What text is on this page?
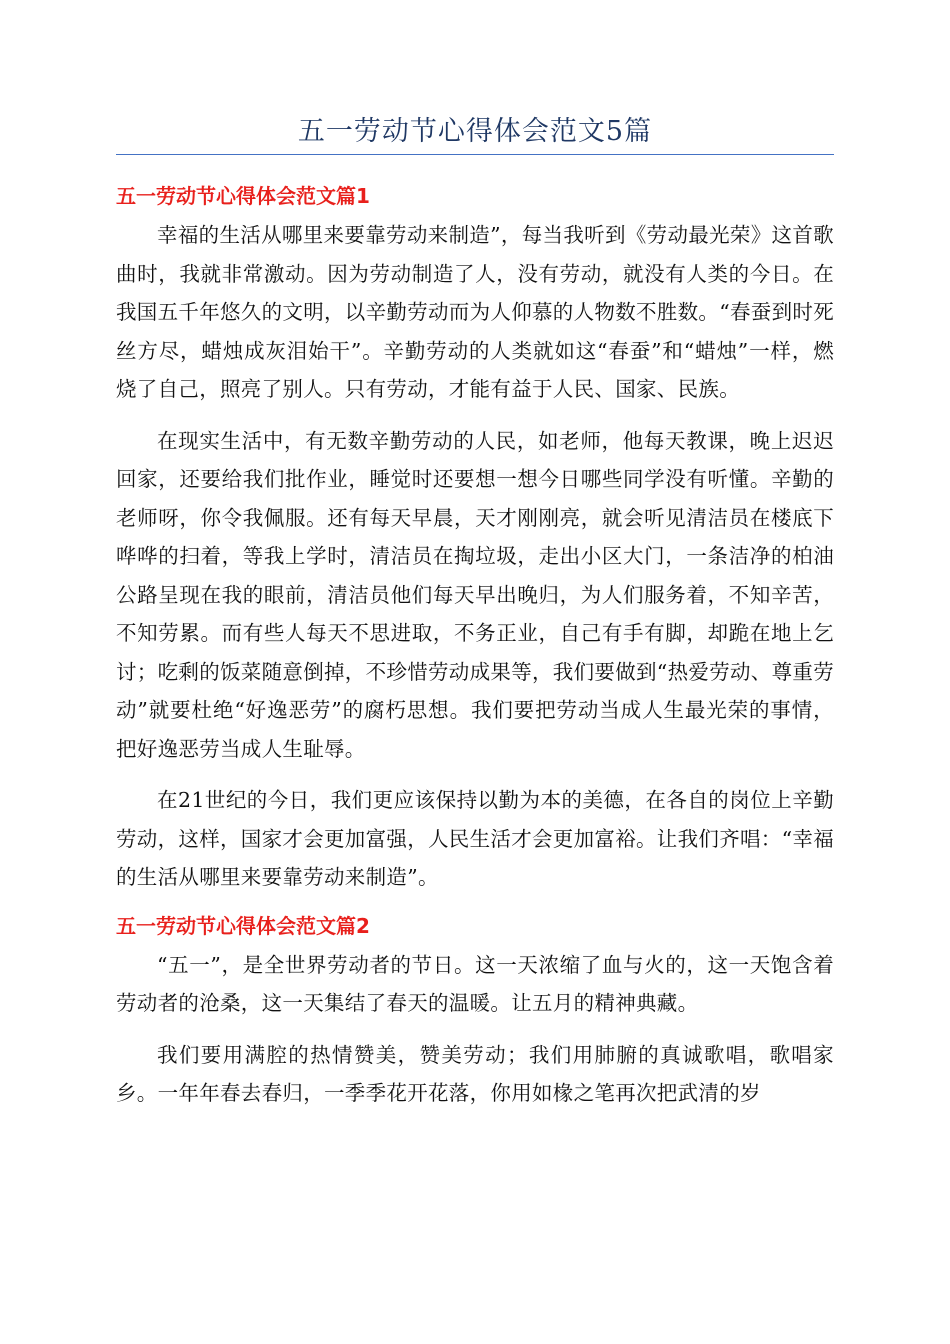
五一劳动节心得体会范文5篇
五一劳动节心得体会范文篇1

幸福的生活从哪里来要靠劳动来制造”，每当我听到《劳动最光荣》这首歌曲时，我就非常激动。因为劳动制造了人，没有劳动，就没有人类的今日。在我国五千年悠久的文明，以辛勤劳动而为人仰慕的人物数不胜数。“春蚕到时死丝方尽，蜡烛成灰泪始干”。辛勤劳动的人类就如这“春蚕”和“蜡烛”一样，燃烧了自己，照亮了别人。只有劳动，才能有益于人民、国家、民族。

在现实生活中，有无数辛勤劳动的人民，如老师，他每天教课，晚上迟迟回家，还要给我们批作业，睡觉时还要想一想今日哪些同学没有听懂。辛勤的老师呀，你令我佩服。还有每天早晨，天才刚刚亮，就会听见清洁员在楼底下哗哗的扫着，等我上学时，清洁员在掏垃圾，走出小区大门，一条洁净的柏油公路呈现在我的眼前，清洁员他们每天早出晚归，为人们服务着，不知辛苦，不知劳累。而有些人每天不思进取，不务正业，自己有手有脚，却跪在地上乞讨；吃剩的饭菜随意倒掉，不珍惜劳动成果等，我们要做到“热爱劳动、尊重劳动”就要杜绝“好逸恶劳”的腐朽思想。我们要把劳动当成人生最光荣的事情，把好逸恶劳当成人生耻辱。

在21世纪的今日，我们更应该保持以勤为本的美德，在各自的岗位上辛勤劳动，这样，国家才会更加富强，人民生活才会更加富裕。让我们齐唱：“幸福的生活从哪里来要靠劳动来制造”。

五一劳动节心得体会范文篇2

“五一”，是全世界劳动者的节日。这一天浓缩了血与火的，这一天饱含着劳动者的沧桑，这一天集结了春天的温暖。让五月的精神典藏。

我们要用满腔的热情赞美，赞美劳动；我们用肺腑的真诚歌唱，歌唱家乡。一年年春去春归，一季季花开花落，你用如椽之笔再次把武清的岁
